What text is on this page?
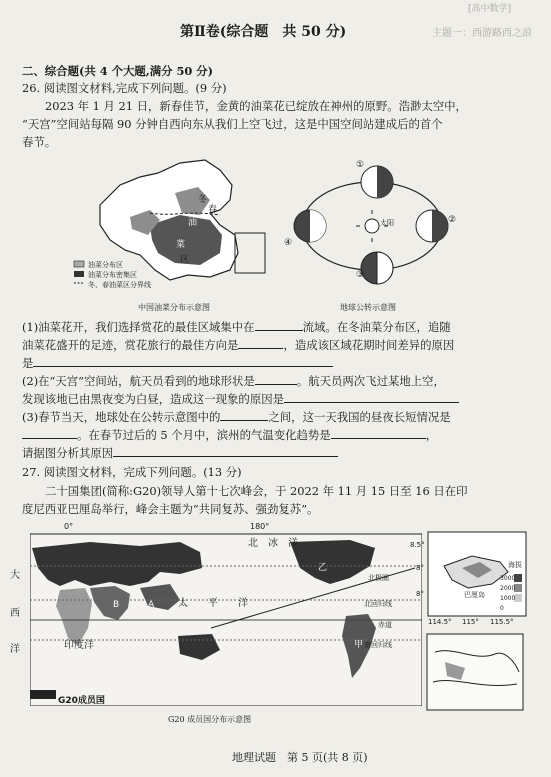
[高中数学]
主题一：西游路西之浪
第Ⅱ卷(综合题　共 50 分)
二、综合题(共 4 个大题,满分 50 分)
26. 阅读图文材料,完成下列问题。(9 分)
2023 年 1 月 21 日，新春佳节，金黄的油菜花已绽放在神州的原野。浩渺太空中，
“天宫”空间站每隔 90 分钟自西向东从我们上空飞过，这是中国空间站建成后的首个
春节。
油菜分布区
油菜分布密集区
冬、春油菜区分界线
冬
春
油
菜
区
中国油菜分布示意图
①
②
③
④
太阳
地球公转示意图
(1)油菜花开，我们选择赏花的最佳区域集中在	流域。在冬油菜分布区，追随
油菜花盛开的足迹，赏花旅行的最佳方向是	，造成该区域花期时间差异的原因
是
(2)在“天宫”空间站，航天员看到的地球形状是	。航天员两次飞过某地上空，
发现该地已由黑夜变为白昼，造成这一现象的原因是
(3)春节当天，地球处在公转示意图中的	之间，这一天我国的昼夜长短情况是
。在春节过后的 5 个月中，滨州的气温变化趋势是	，
请据图分析其原因
27. 阅读图文材料，完成下列问题。(13 分)
二十国集团(简称:G20)领导人第十七次峰会，于 2022 年 11 月 15 日至 16 日在印
度尼西亚巴厘岛举行，峰会主题为“共同复苏、强劲复苏”。
0°	180°
北　冰　洋
太　　平　　洋
印度洋
大
西
洋
B	A
乙
甲
北极圈
北回归线
赤道
南回归线
G20成员国
G20 成员国分布示意图
巴厘岛
海拔
3000
2000
1000
0
8.5°
8°
8°
114.5° 115° 115.5°
地理试题　第 5 页(共 8 页)
